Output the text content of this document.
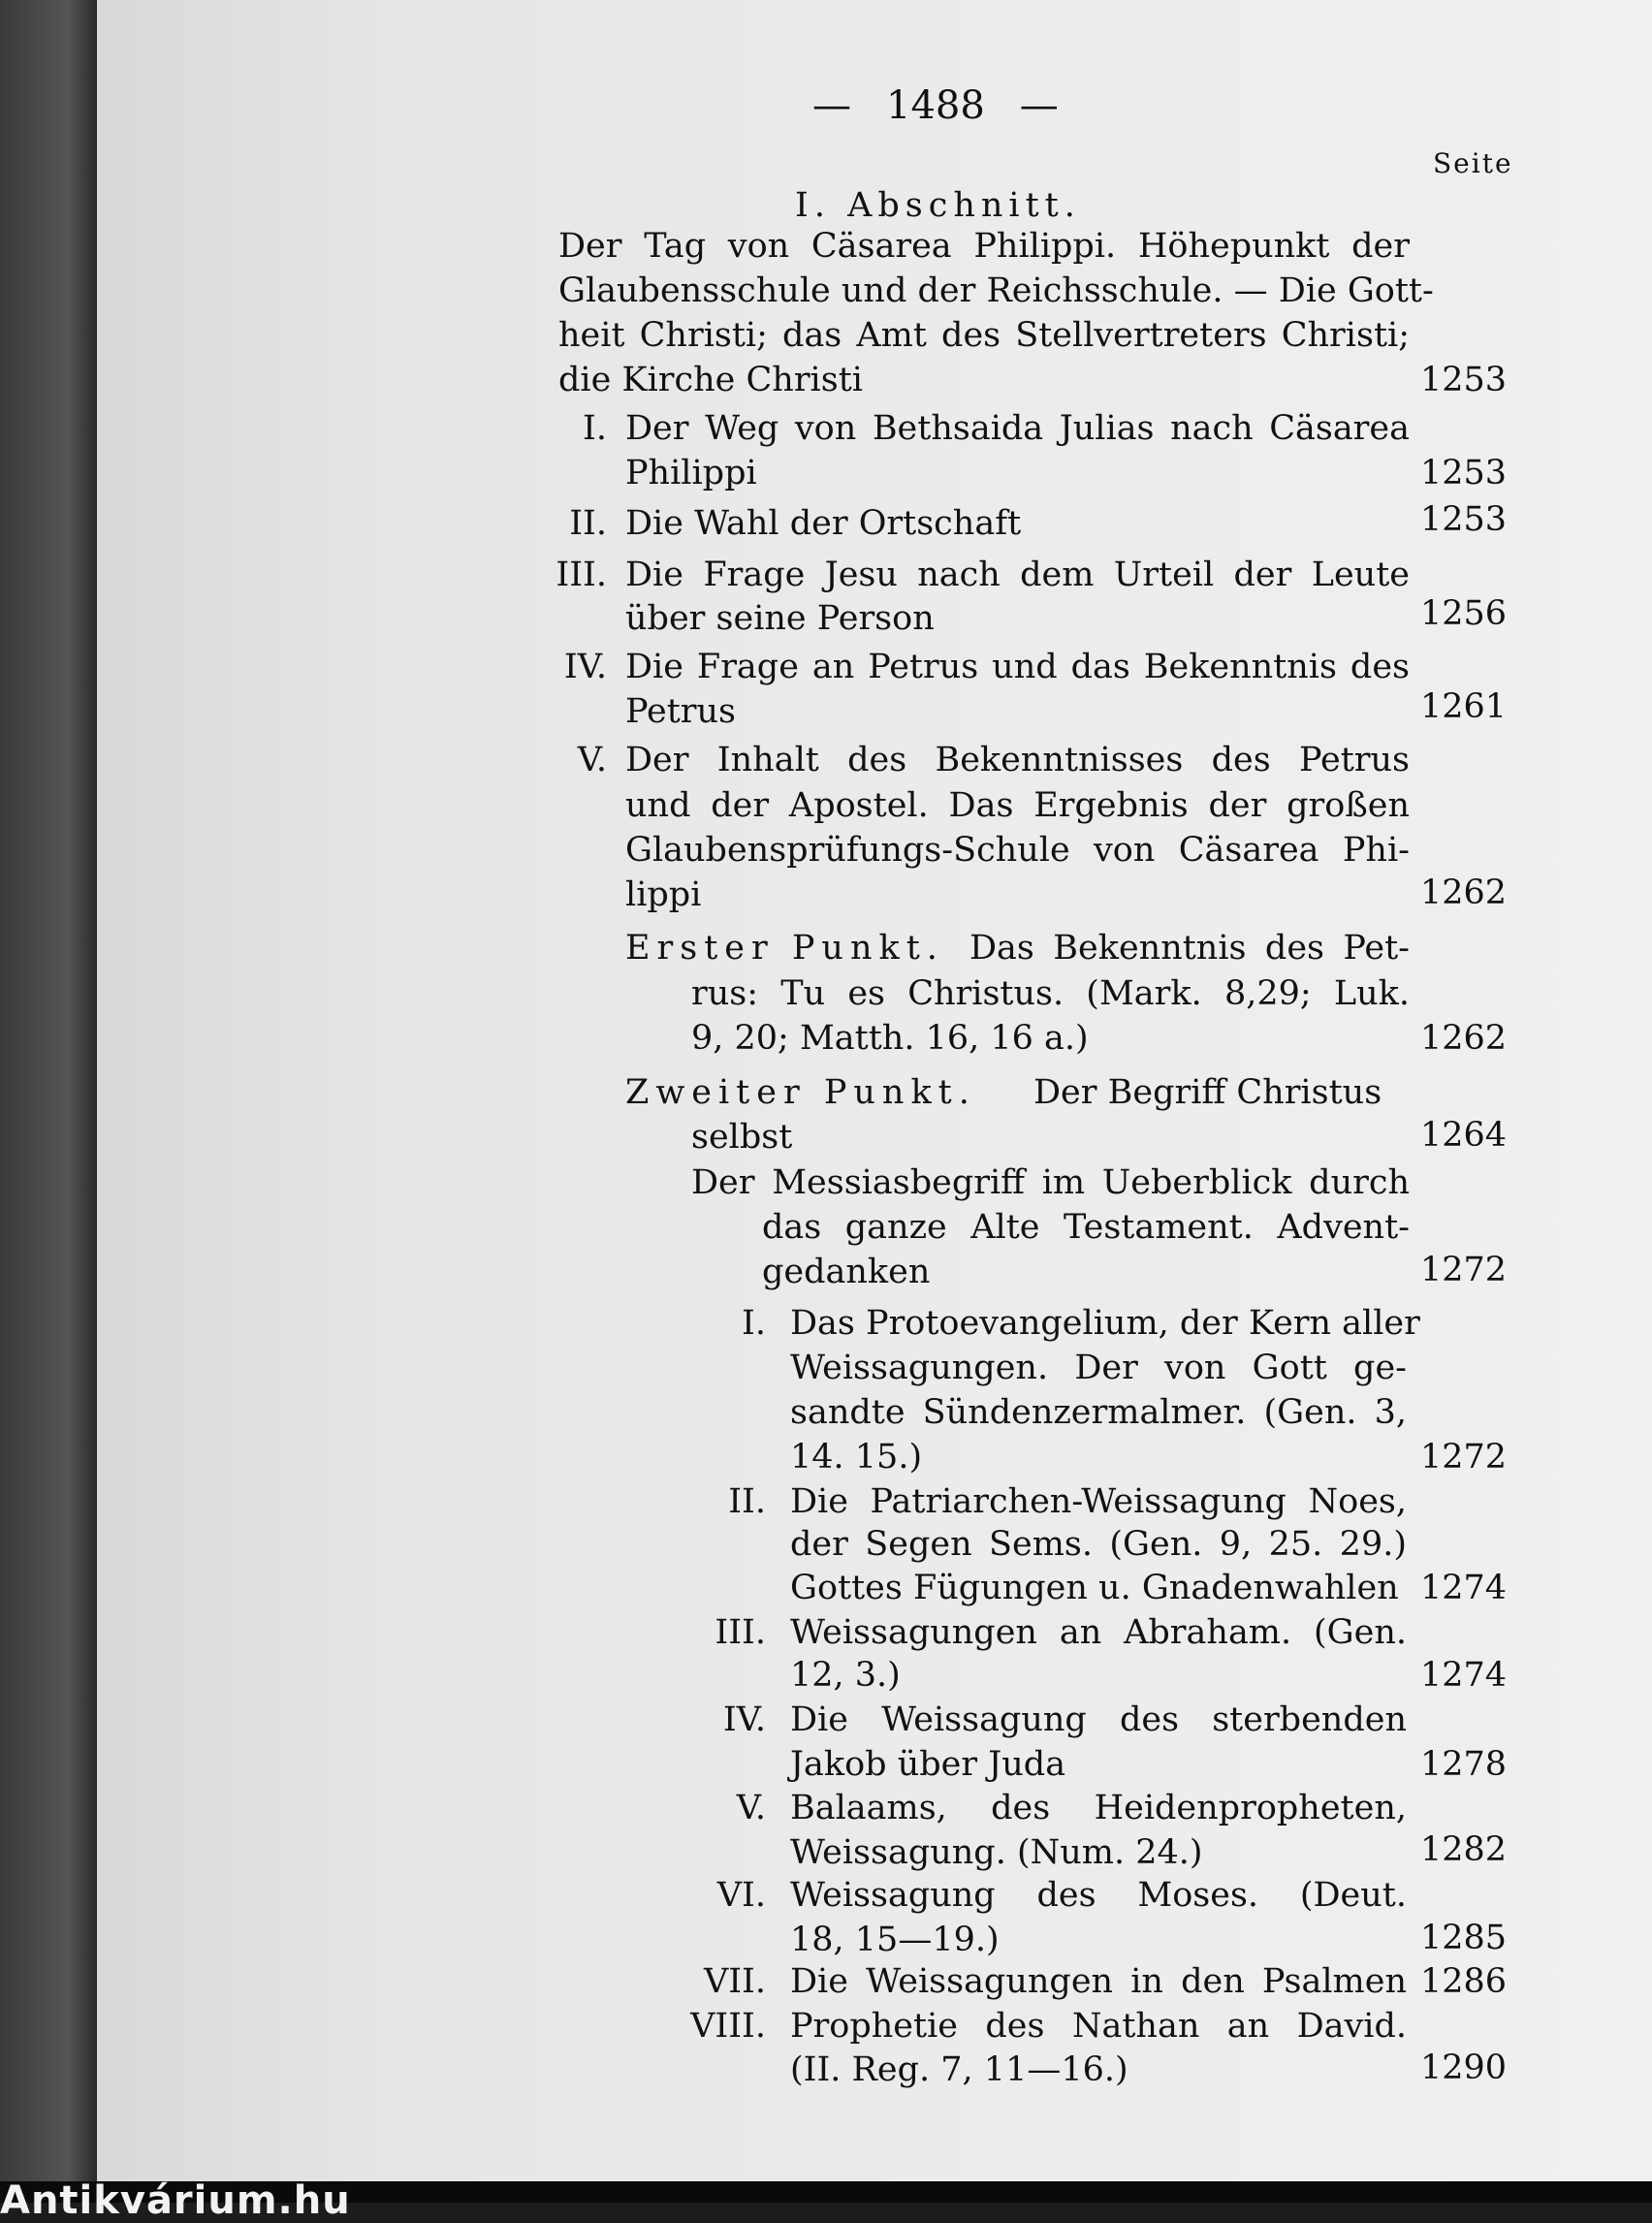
— 1488 —
Seite
I. Abschnitt.
Der Tag von Cäsarea Philippi. Höhepunkt der
Glaubensschule und der Reichsschule. — Die Gott-
heit Christi; das Amt des Stellvertreters Christi;
die Kirche Christi	1253
I. Der Weg von Bethsaida Julias nach Cäsarea
Philippi	1253
II. Die Wahl der Ortschaft	1253
III. Die Frage Jesu nach dem Urteil der Leute
über seine Person	1256
IV. Die Frage an Petrus und das Bekenntnis des
Petrus	1261
V. Der Inhalt des Bekenntnisses des Petrus
und der Apostel. Das Ergebnis der großen
Glaubensprüfungs-Schule von Cäsarea Phi-
lippi	1262
Erster Punkt. Das Bekenntnis des Pet-
rus: Tu es Christus. (Mark. 8,29; Luk.
9, 20; Matth. 16, 16 a.)	1262
Zweiter Punkt. Der Begriff Christus
selbst	1264
Der Messiasbegriff im Ueberblick durch
das ganze Alte Testament. Advent-
gedanken	1272
I. Das Protoevangelium, der Kern aller
Weissagungen. Der von Gott ge-
sandte Sündenzermalmer. (Gen. 3,
14. 15.)	1272
II. Die Patriarchen-Weissagung Noes,
der Segen Sems. (Gen. 9, 25. 29.)
Gottes Fügungen u. Gnadenwahlen 1274
III. Weissagungen an Abraham. (Gen.
12, 3.)	1274
IV. Die Weissagung des sterbenden
Jakob über Juda	1278
V. Balaams, des Heidenpropheten,
Weissagung. (Num. 24.)	1282
VI. Weissagung des Moses. (Deut.
18, 15—19.)	1285
VII. Die Weissagungen in den Psalmen 1286
VIII. Prophetie des Nathan an David.
(II. Reg. 7, 11—16.)	1290
Antikvárium.hu
